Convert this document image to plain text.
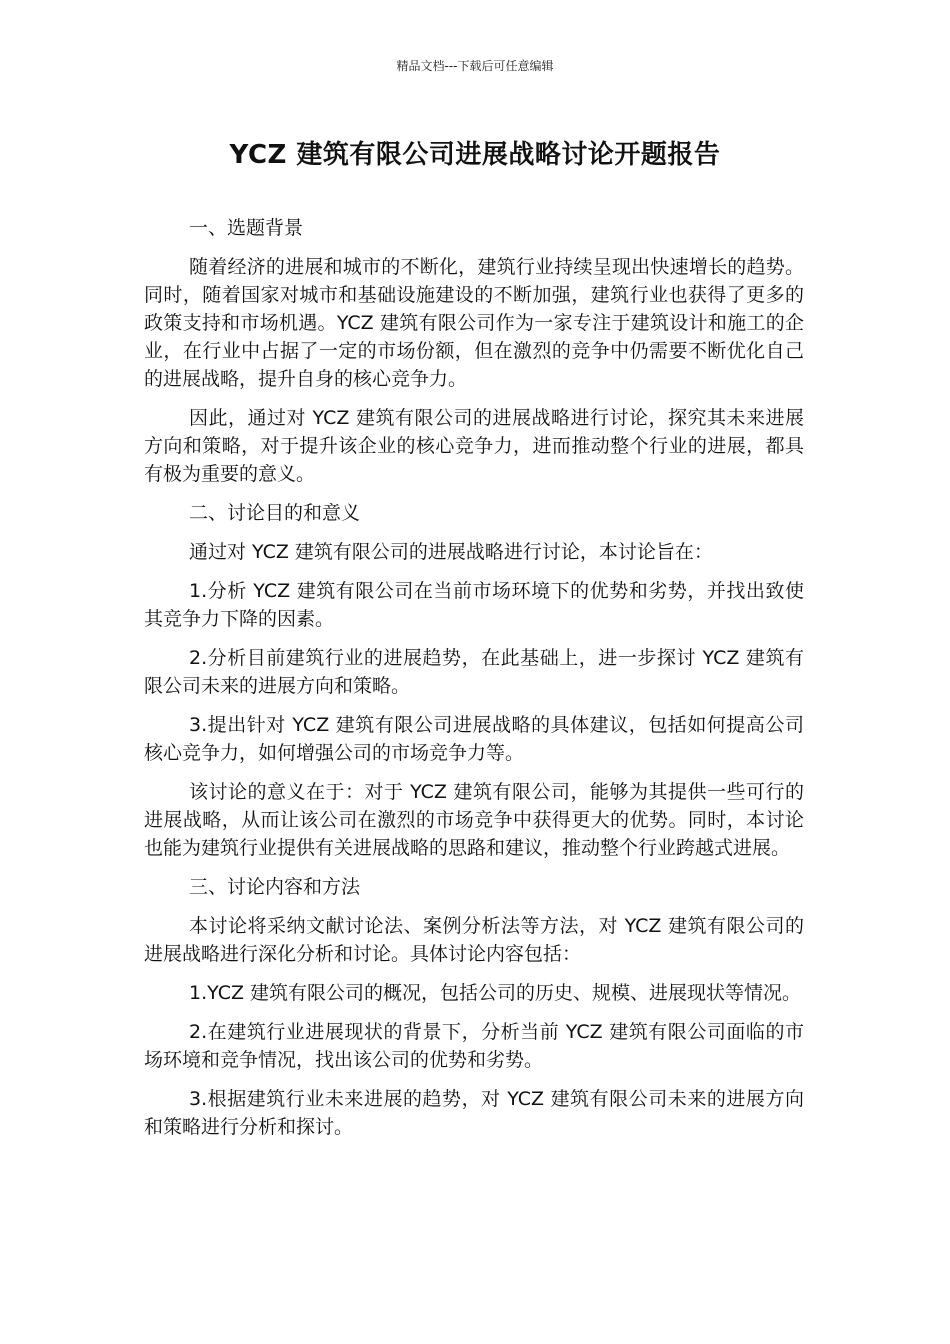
精品文档---下载后可任意编辑
YCZ 建筑有限公司进展战略讨论开题报告

一、选题背景

随着经济的进展和城市的不断化，建筑行业持续呈现出快速增长的趋势。同时，随着国家对城市和基础设施建设的不断加强，建筑行业也获得了更多的政策支持和市场机遇。YCZ 建筑有限公司作为一家专注于建筑设计和施工的企业，在行业中占据了一定的市场份额，但在激烈的竞争中仍需要不断优化自己的进展战略，提升自身的核心竞争力。

因此，通过对 YCZ 建筑有限公司的进展战略进行讨论，探究其未来进展方向和策略，对于提升该企业的核心竞争力，进而推动整个行业的进展，都具有极为重要的意义。

二、讨论目的和意义

通过对 YCZ 建筑有限公司的进展战略进行讨论，本讨论旨在：

1.分析 YCZ 建筑有限公司在当前市场环境下的优势和劣势，并找出致使其竞争力下降的因素。

2.分析目前建筑行业的进展趋势，在此基础上，进一步探讨 YCZ 建筑有限公司未来的进展方向和策略。

3.提出针对 YCZ 建筑有限公司进展战略的具体建议，包括如何提高公司核心竞争力，如何增强公司的市场竞争力等。

该讨论的意义在于：对于 YCZ 建筑有限公司，能够为其提供一些可行的进展战略，从而让该公司在激烈的市场竞争中获得更大的优势。同时，本讨论也能为建筑行业提供有关进展战略的思路和建议，推动整个行业跨越式进展。

三、讨论内容和方法

本讨论将采纳文献讨论法、案例分析法等方法，对 YCZ 建筑有限公司的进展战略进行深化分析和讨论。具体讨论内容包括：

1.YCZ 建筑有限公司的概况，包括公司的历史、规模、进展现状等情况。

2.在建筑行业进展现状的背景下，分析当前 YCZ 建筑有限公司面临的市场环境和竞争情况，找出该公司的优势和劣势。

3.根据建筑行业未来进展的趋势，对 YCZ 建筑有限公司未来的进展方向和策略进行分析和探讨。
